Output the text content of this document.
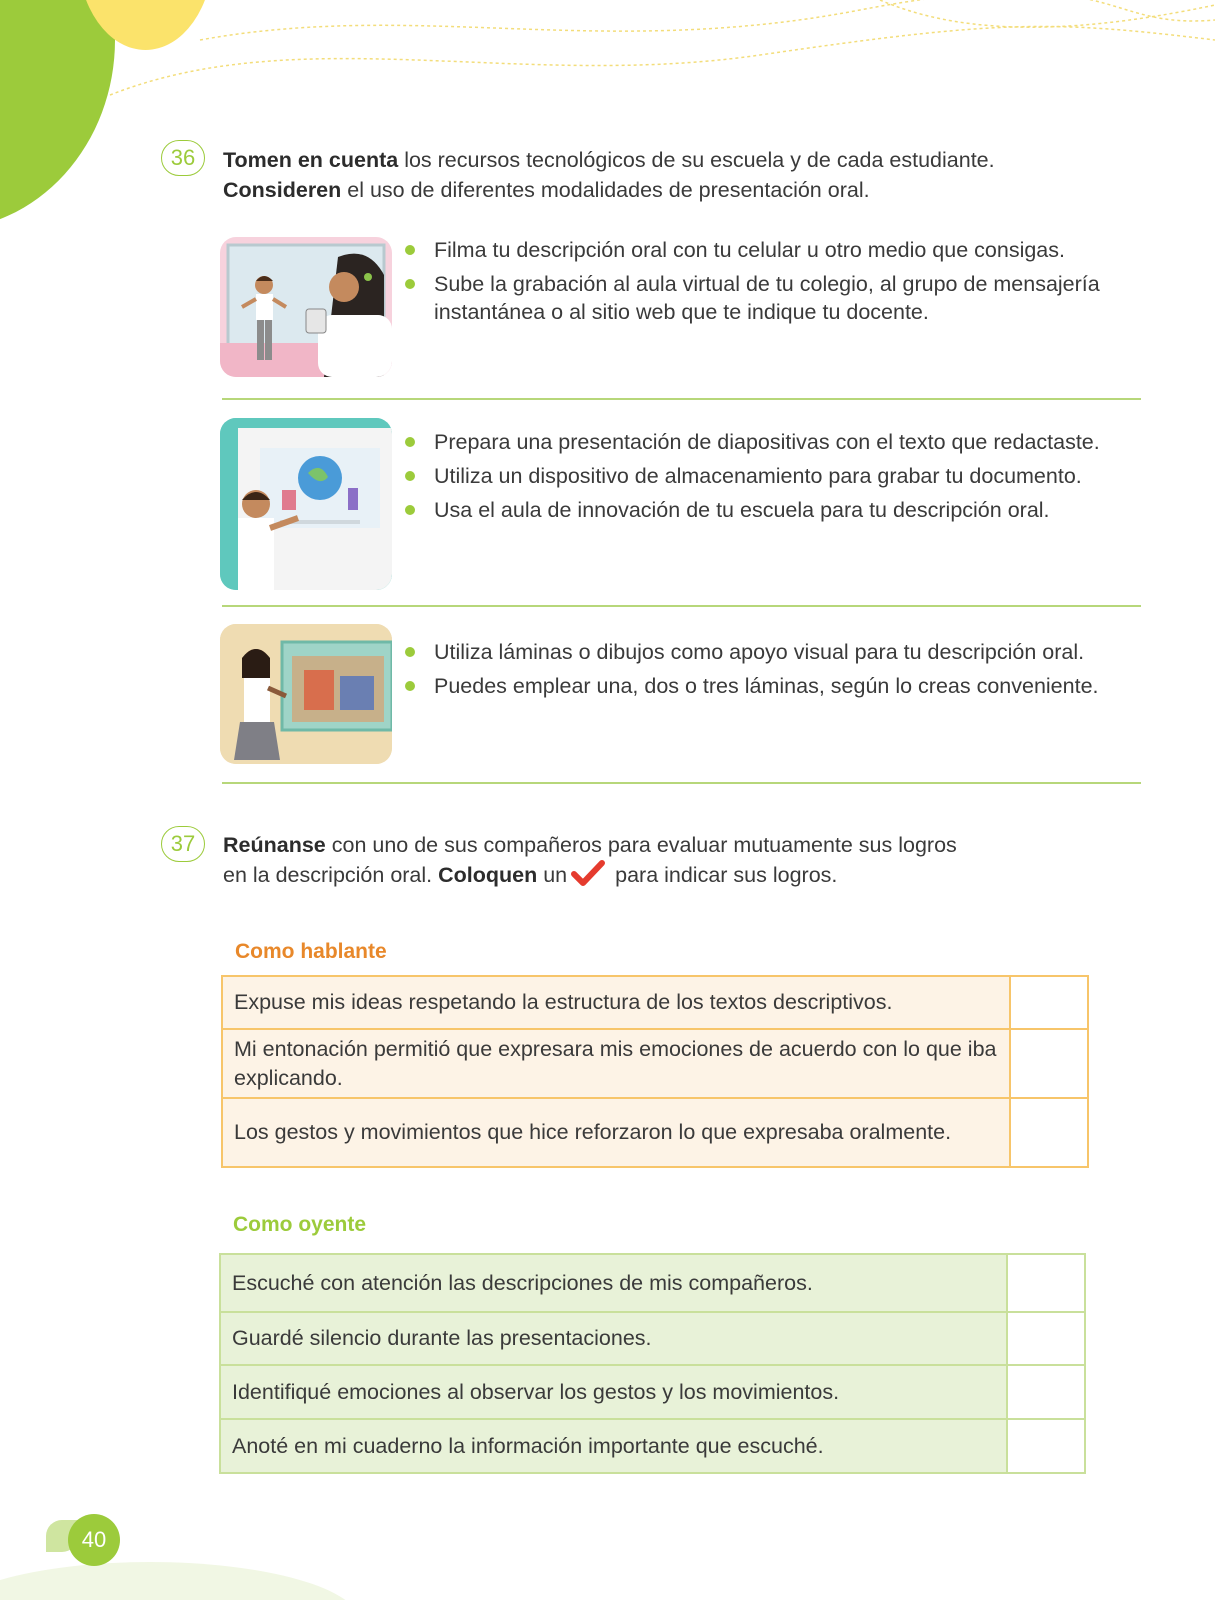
36	Tomen en cuenta los recursos tecnológicos de su escuela y de cada estudiante.
Consideren el uso de diferentes modalidades de presentación oral.
Filma tu descripción oral con tu celular u otro medio que consigas.
Sube la grabación al aula virtual de tu colegio, al grupo de mensajería instantánea o al sitio web que te indique tu docente.
Prepara una presentación de diapositivas con el texto que redactaste.
Utiliza un dispositivo de almacenamiento para grabar tu documento.
Usa el aula de innovación de tu escuela para tu descripción oral.
Utiliza láminas o dibujos como apoyo visual para tu descripción oral.
Puedes emplear una, dos o tres láminas, según lo creas conveniente.
37	Reúnanse con uno de sus compañeros para evaluar mutuamente sus logros
en la descripción oral. Coloquen un para indicar sus logros.
Como hablante
Expuse mis ideas respetando la estructura de los textos descriptivos.	
Mi entonación permitió que expresara mis emociones de acuerdo con lo que iba explicando.	
Los gestos y movimientos que hice reforzaron lo que expresaba oralmente.	
Como oyente
Escuché con atención las descripciones de mis compañeros.	
Guardé silencio durante las presentaciones.	
Identifiqué emociones al observar los gestos y los movimientos.	
Anoté en mi cuaderno la información importante que escuché.	
40
